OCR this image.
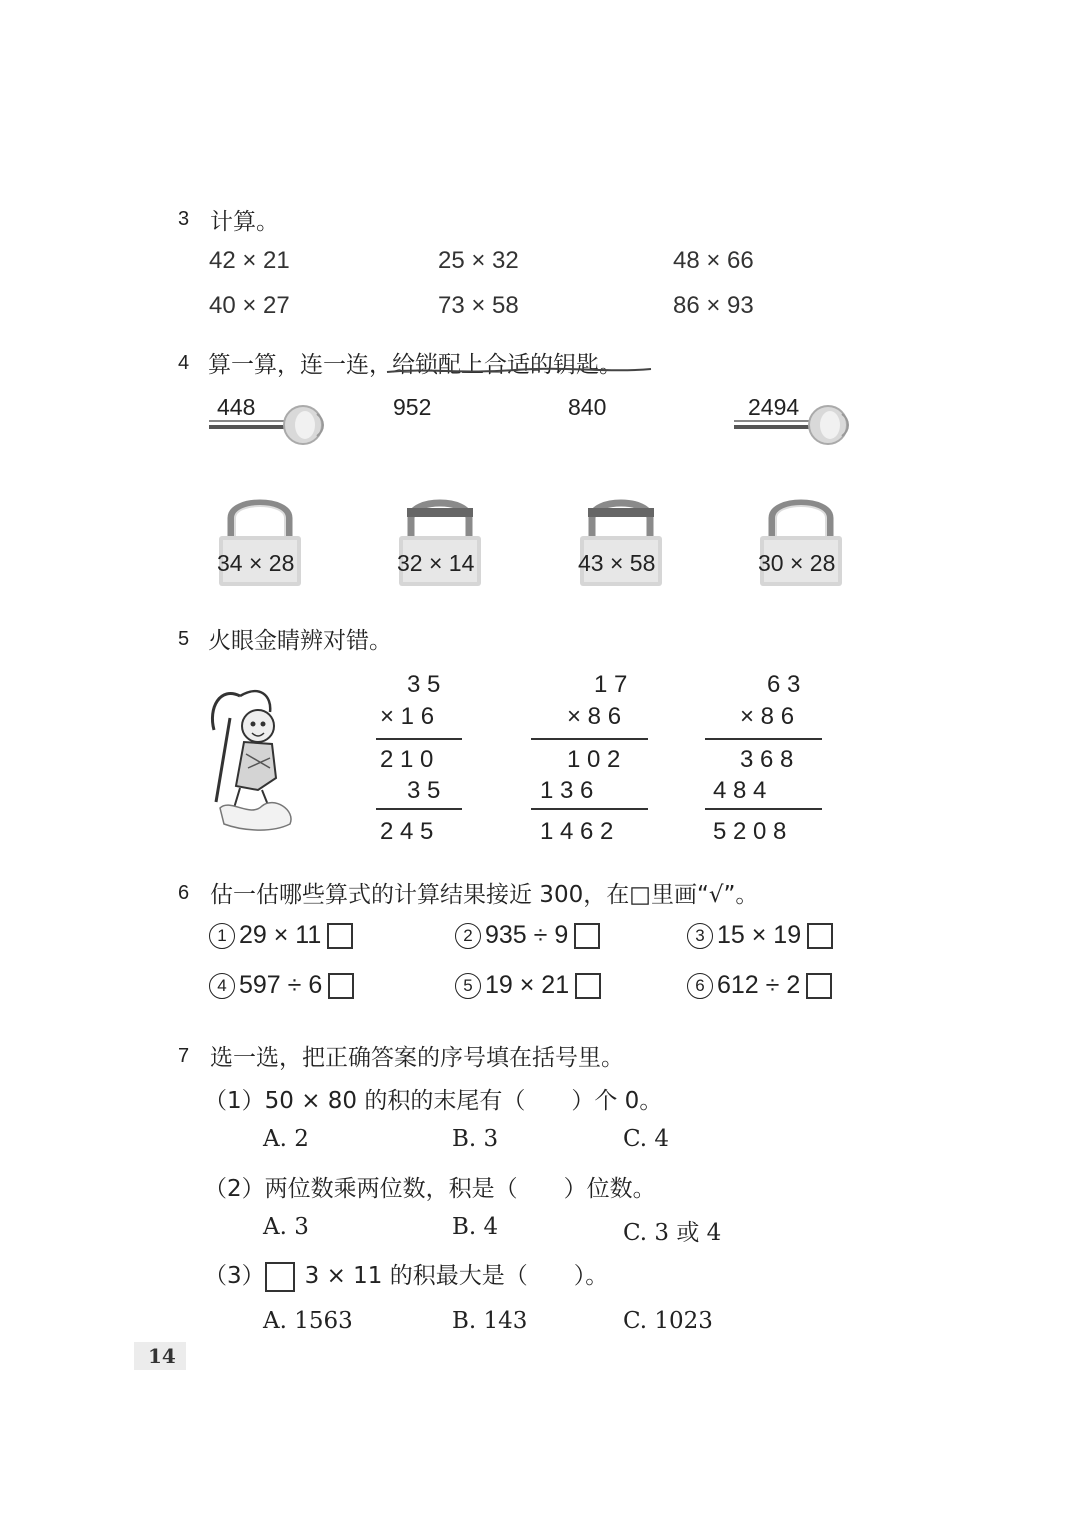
3 计算。
42 × 21	25 × 32	48 × 66
40 × 27	73 × 58	86 × 93
4 算一算，连一连，给锁配上合适的钥匙。
448	952	840	2494
34 × 28	32 × 14	43 × 58	30 × 28
5 火眼金睛辨对错。
3 5
× 1 6
2 1 0
3 5
2 4 5
1 7
× 8 6
1 0 2
1 3 6
1 4 6 2
6 3
× 8 6
3 6 8
4 8 4
5 2 0 8
6 估一估哪些算式的计算结果接近 300，在□里画“√”。
1 29 × 11	2 935 ÷ 9	3 15 × 19
4 597 ÷ 6	5 19 × 21	6 612 ÷ 2
7 选一选，把正确答案的序号填在括号里。
（1）50 × 80 的积的末尾有（　　）个 0。
A. 2	B. 3	C. 4
（2）两位数乘两位数，积是（　　）位数。
A. 3	B. 4	C. 3 或 4
（3） 3 × 11 的积最大是（　　）。
A. 1563	B. 143	C. 1023
14
